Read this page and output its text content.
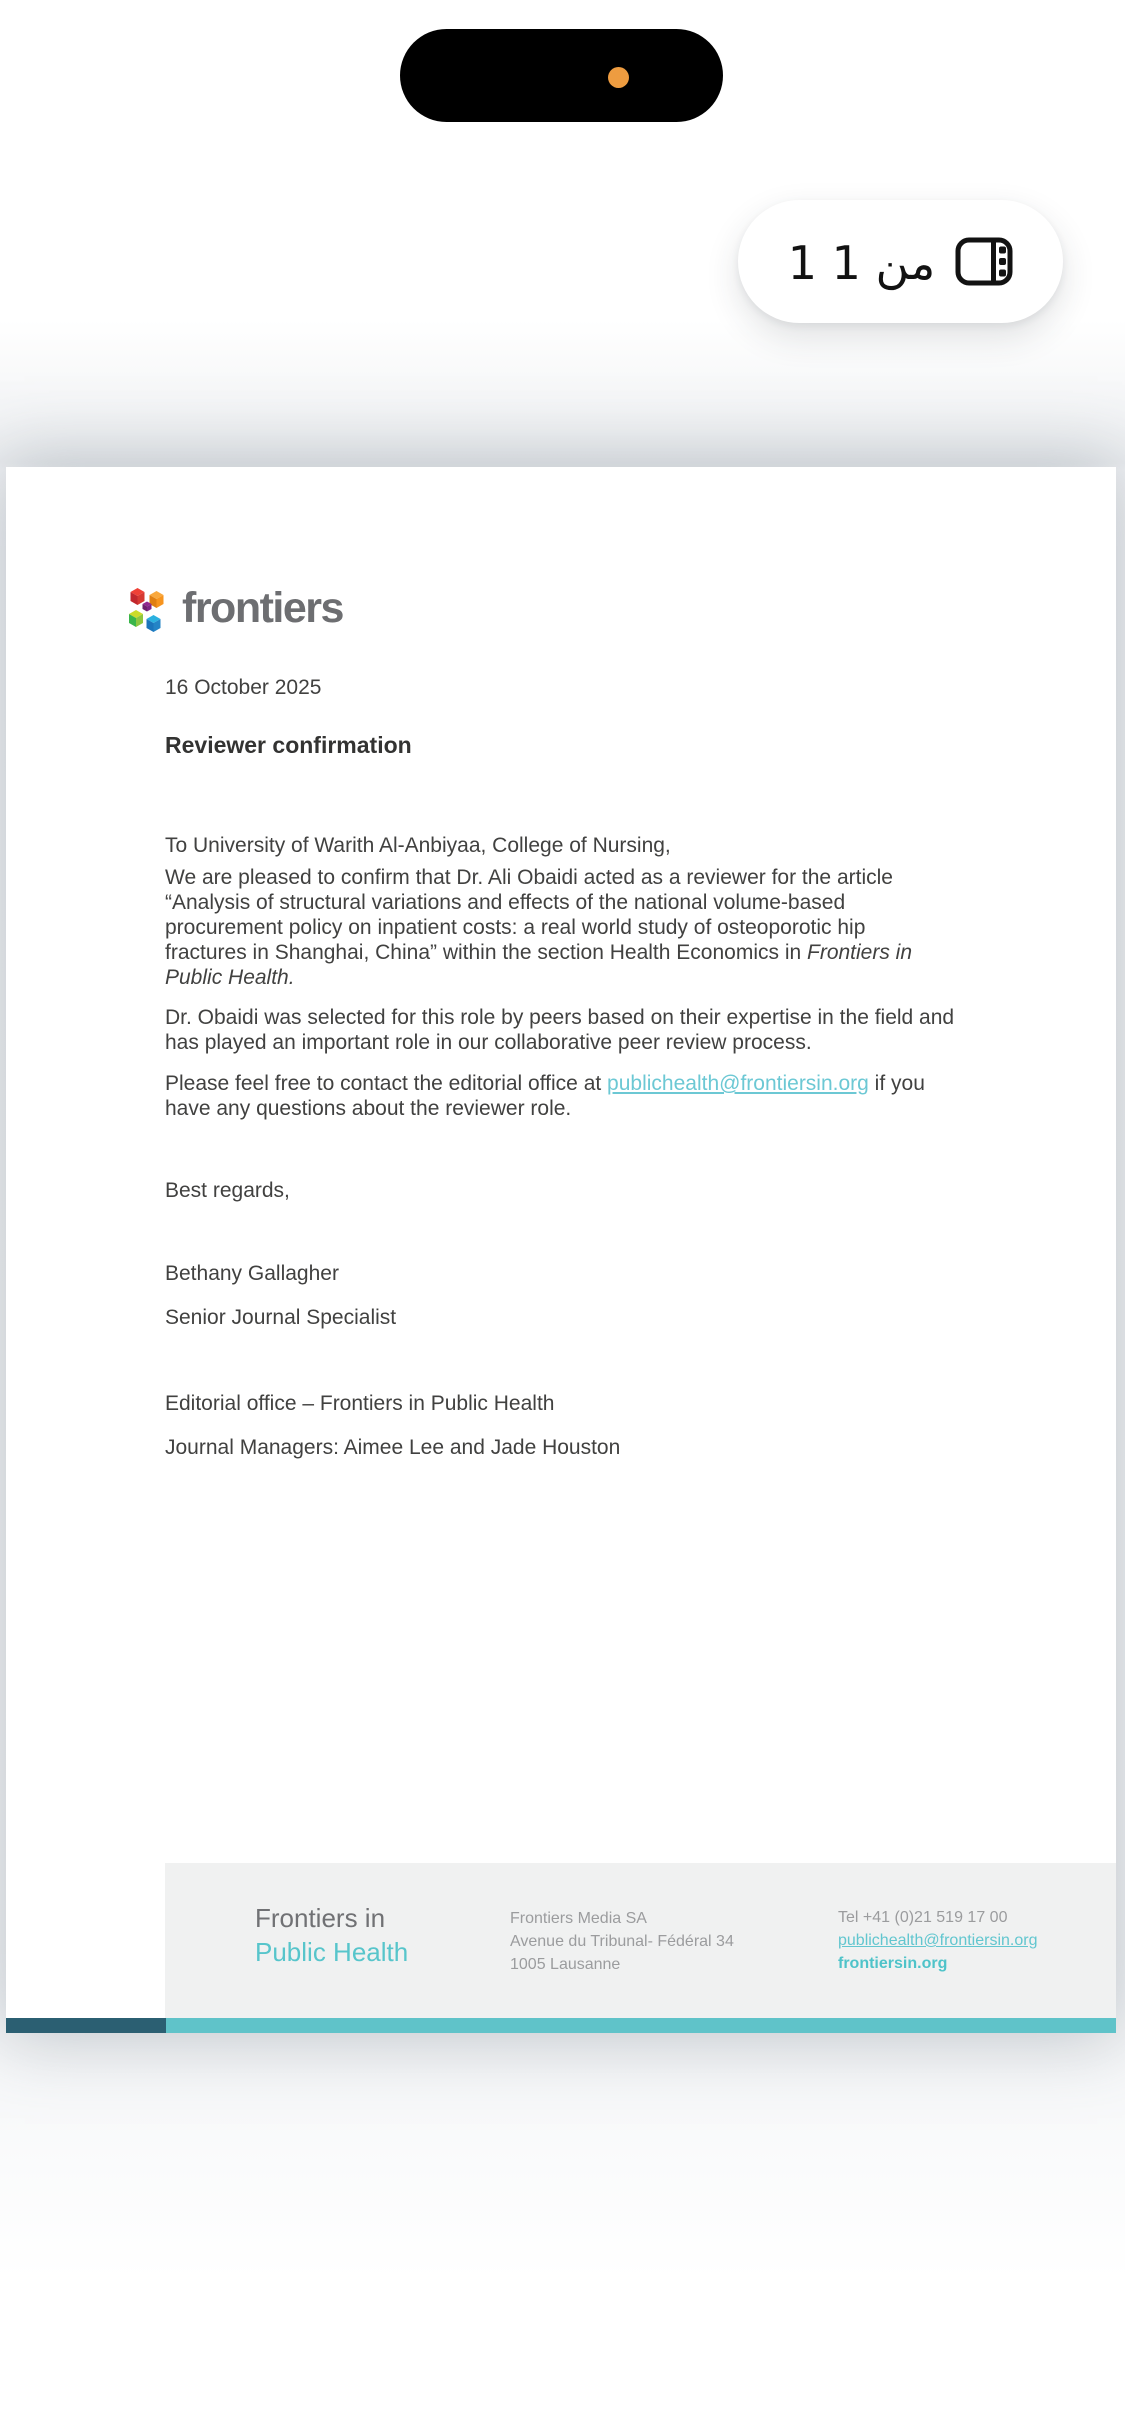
1 من 1
frontiers
16 October 2025
Reviewer confirmation
To University of Warith Al-Anbiyaa, College of Nursing,
We are pleased to confirm that Dr. Ali Obaidi acted as a reviewer for the article
“Analysis of structural variations and effects of the national volume-based
procurement policy on inpatient costs: a real world study of osteoporotic hip
fractures in Shanghai, China” within the section Health Economics in Frontiers in
Public Health.
Dr. Obaidi was selected for this role by peers based on their expertise in the field and
has played an important role in our collaborative peer review process.
Please feel free to contact the editorial office at publichealth@frontiersin.org if you
have any questions about the reviewer role.
Best regards,
Bethany Gallagher
Senior Journal Specialist
Editorial office – Frontiers in Public Health
Journal Managers: Aimee Lee and Jade Houston
Frontiers in
Public Health
Frontiers Media SA
Avenue du Tribunal- Fédéral 34
1005 Lausanne
Tel +41 (0)21 519 17 00
publichealth@frontiersin.org
frontiersin.org
